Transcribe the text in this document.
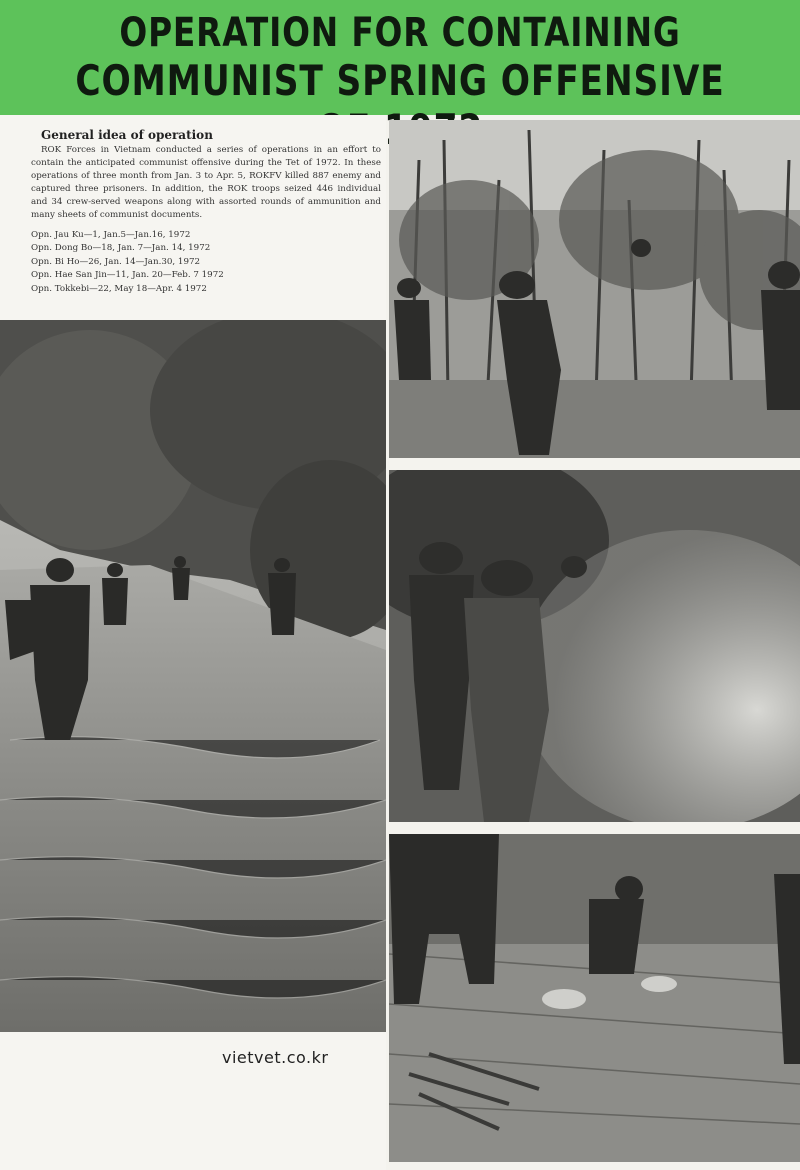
OPERATION FOR CONTAINING
COMMUNIST SPRING OFFENSIVE
General idea of operation

ROK Forces in Vietnam conducted a series of operations in an effort to contain the anticipated communist offensive during the Tet of 1972. In these operations of three month from Jan. 3 to Apr. 5, ROKFV killed 887 enemy and captured three prisoners. In addition, the ROK troops seized 446 individual and 34 crew-served weapons along with assorted rounds of ammunition and many sheets of communist documents.

Opn. Jau Ku—1, Jan.5—Jan.16, 1972
Opn. Dong Bo—18, Jan. 7—Jan. 14, 1972
Opn. Bi Ho—26, Jan. 14—Jan.30, 1972
Opn. Hae San Jin—11, Jan. 20—Feb. 7 1972
Opn. Tokkebi—22, May 18—Apr. 4 1972
vietvet.co.kr
